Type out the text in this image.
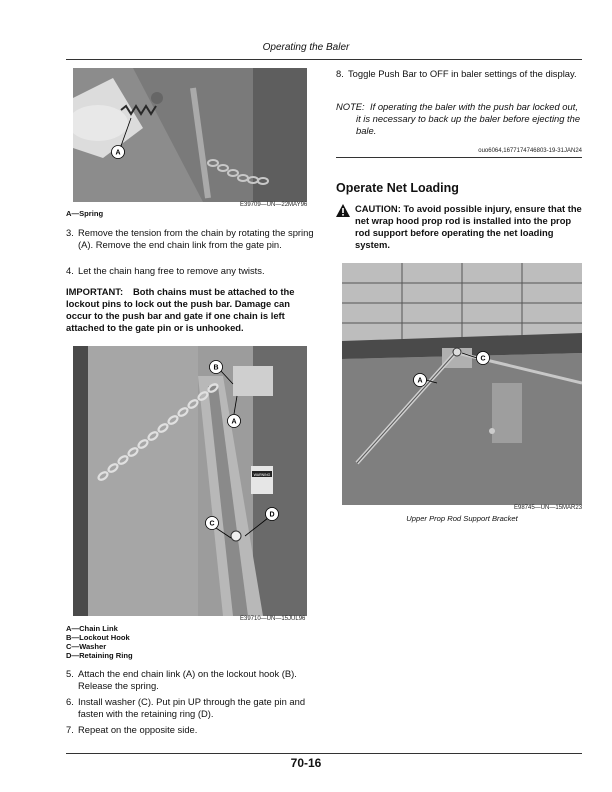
Operating the Baler
A
E39709—UN—22MAY96
A—Spring
3. Remove the tension from the chain by rotating the spring (A). Remove the end chain link from the gate pin.
4. Let the chain hang free to remove any twists.
IMPORTANT:	Both chains must be attached to the lockout pins to lock out the push bar. Damage can occur to the push bar and gate if one chain is left attached to the gate pin or is unhooked.
WARNING
B
A
C
D
E39710—UN—15JUL96
A—Chain Link
B—Lockout Hook
C—Washer
D—Retaining Ring
5. Attach the end chain link (A) on the lockout hook (B). Release the spring.
6. Install washer (C). Put pin UP through the gate pin and fasten with the retaining ring (D).
7. Repeat on the opposite side.
8. Toggle Push Bar to OFF in baler settings of the display.
NOTE: If operating the baler with the push bar locked out, it is necessary to back up the baler before ejecting the bale.
ouo6064,1677174746803-19-31JAN24
Operate Net Loading
CAUTION: To avoid possible injury, ensure that the net wrap hood prop rod is installed into the prop rod support before operating the net loading system.
C
A
E98745—UN—15MAR23
Upper Prop Rod Support Bracket
70-16
